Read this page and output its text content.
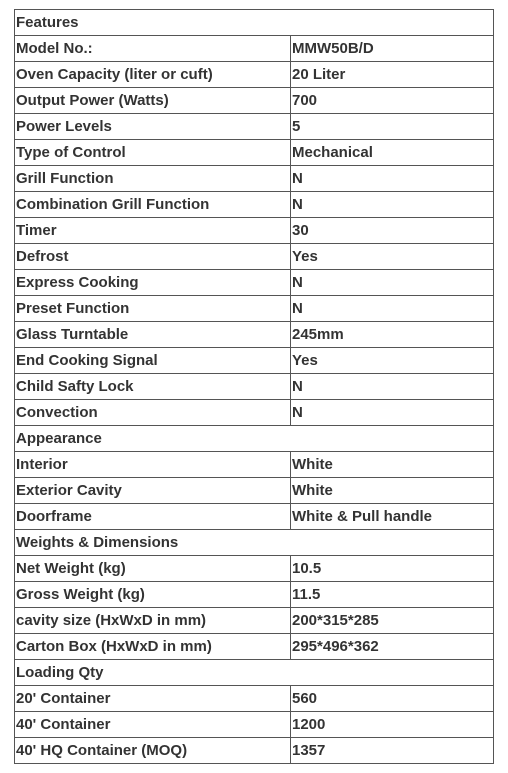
Features	
Model No.:	MMW50B/D
Oven Capacity (liter or cuft)	20 Liter
Output Power (Watts)	700
Power Levels	5
Type of Control	Mechanical
Grill Function	N
Combination Grill Function	N
Timer	30
Defrost	Yes
Express Cooking	N
Preset Function	N
Glass Turntable	245mm
End Cooking Signal	Yes
Child Safty Lock	N
Convection	N
Appearance	
Interior	White
Exterior Cavity	White
Doorframe	White & Pull handle
Weights & Dimensions	
Net Weight (kg)	10.5
Gross Weight (kg)	11.5
cavity size (HxWxD in mm)	200*315*285
Carton Box (HxWxD in mm)	295*496*362
Loading Qty	
20' Container	560
40' Container	1200
40' HQ Container (MOQ)	1357
